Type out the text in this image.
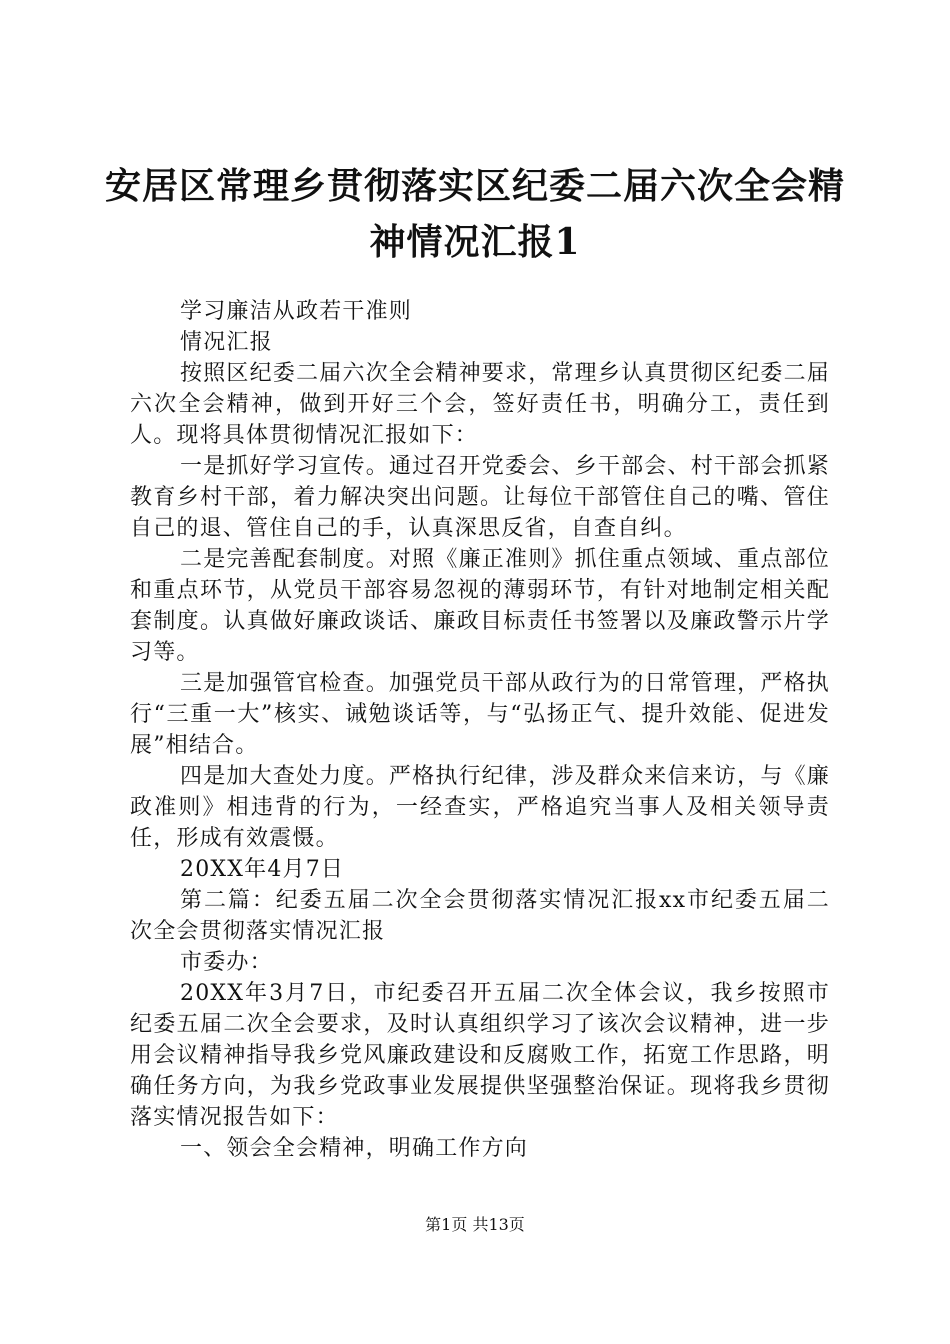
安居区常理乡贯彻落实区纪委二届六次全会精神情况汇报1

学习廉洁从政若干准则

情况汇报

按照区纪委二届六次全会精神要求，常理乡认真贯彻区纪委二届六次全会精神，做到开好三个会，签好责任书，明确分工，责任到人。现将具体贯彻情况汇报如下：

一是抓好学习宣传。通过召开党委会、乡干部会、村干部会抓紧教育乡村干部，着力解决突出问题。让每位干部管住自己的嘴、管住自己的退、管住自己的手，认真深思反省，自查自纠。

二是完善配套制度。对照《廉正准则》抓住重点领域、重点部位和重点环节，从党员干部容易忽视的薄弱环节，有针对地制定相关配套制度。认真做好廉政谈话、廉政目标责任书签署以及廉政警示片学习等。

三是加强管官检查。加强党员干部从政行为的日常管理，严格执行“三重一大”核实、诫勉谈话等，与“弘扬正气、提升效能、促进发展”相结合。

四是加大查处力度。严格执行纪律，涉及群众来信来访，与《廉政准则》相违背的行为，一经查实，严格追究当事人及相关领导责任，形成有效震慑。

20XX年4月7日

第二篇：纪委五届二次全会贯彻落实情况汇报xx市纪委五届二次全会贯彻落实情况汇报

市委办：

20XX年3月7日，市纪委召开五届二次全体会议，我乡按照市纪委五届二次全会要求，及时认真组织学习了该次会议精神，进一步用会议精神指导我乡党风廉政建设和反腐败工作，拓宽工作思路，明确任务方向，为我乡党政事业发展提供坚强整治保证。现将我乡贯彻落实情况报告如下：

一、领会全会精神，明确工作方向

第1页 共13页
